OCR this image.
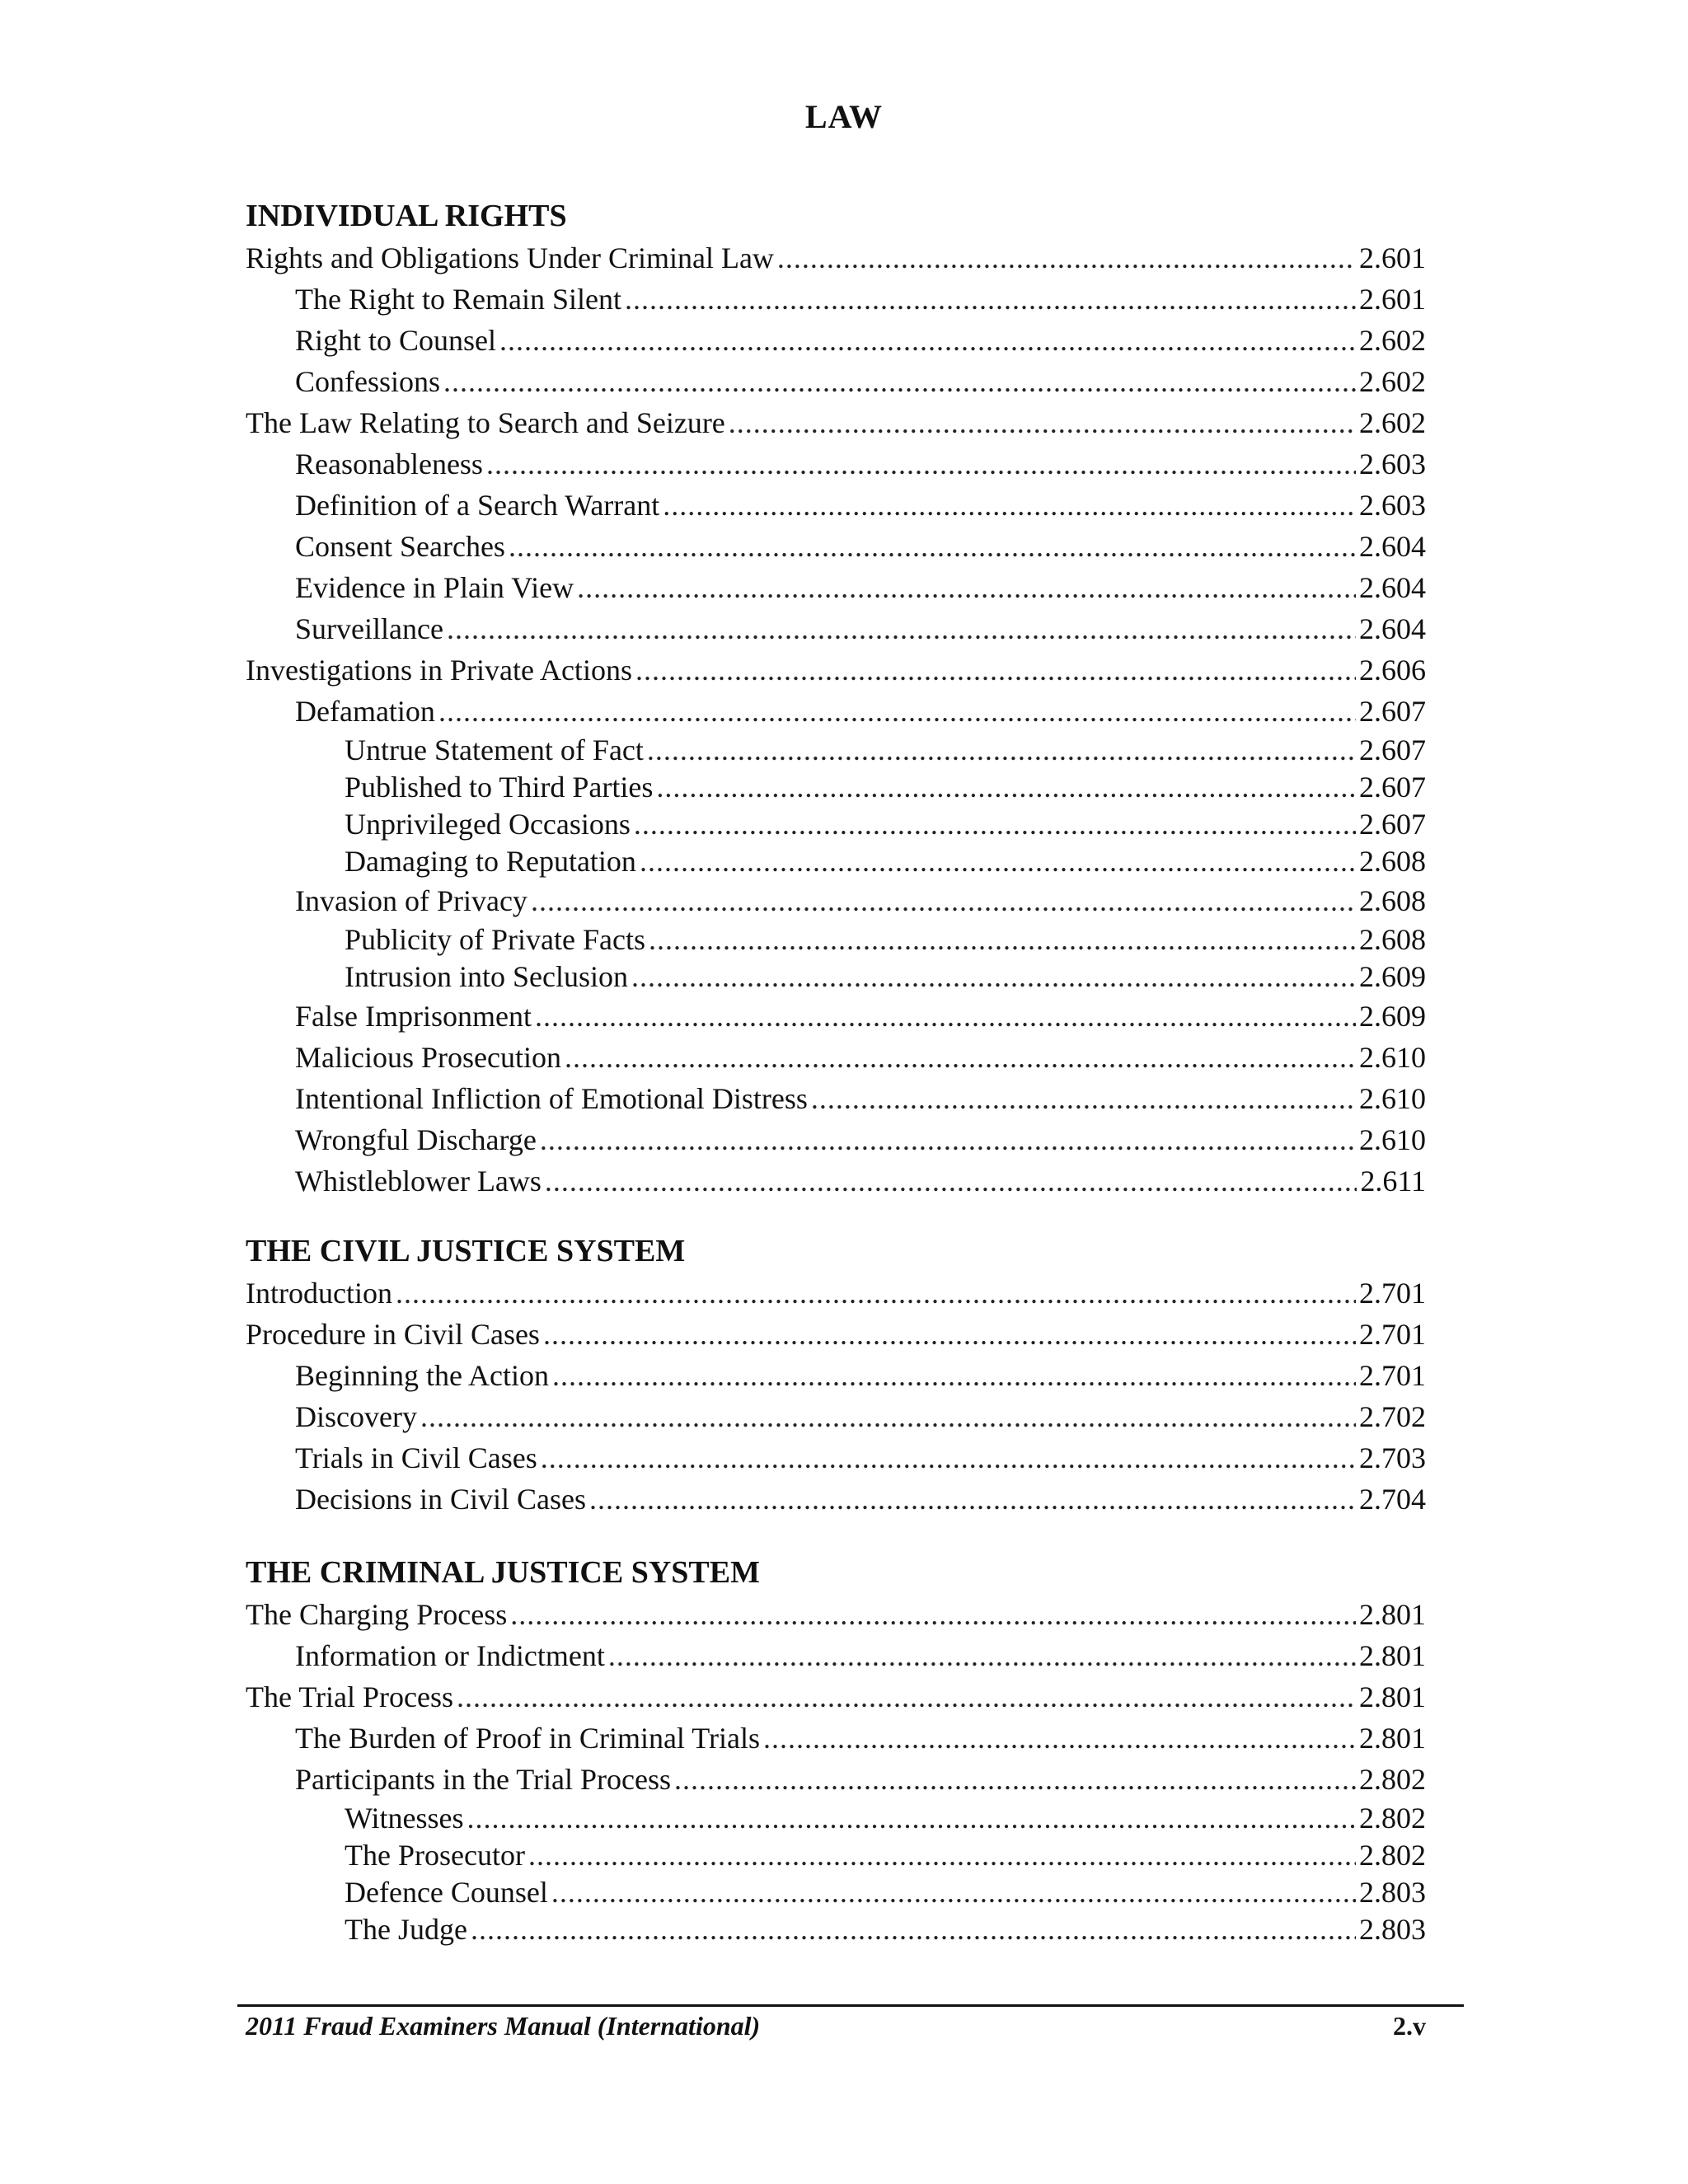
LAW
INDIVIDUAL RIGHTS
Rights and Obligations Under Criminal Law .....	2.601
The Right to Remain Silent .....	2.601
Right to Counsel .....	2.602
Confessions .....	2.602
The Law Relating to Search and Seizure .....	2.602
Reasonableness .....	2.603
Definition of a Search Warrant .....	2.603
Consent Searches .....	2.604
Evidence in Plain View .....	2.604
Surveillance .....	2.604
Investigations in Private Actions .....	2.606
Defamation .....	2.607
Untrue Statement of Fact .....	2.607
Published to Third Parties .....	2.607
Unprivileged Occasions .....	2.607
Damaging to Reputation .....	2.608
Invasion of Privacy .....	2.608
Publicity of Private Facts .....	2.608
Intrusion into Seclusion .....	2.609
False Imprisonment .....	2.609
Malicious Prosecution .....	2.610
Intentional Infliction of Emotional Distress .....	2.610
Wrongful Discharge .....	2.610
Whistleblower Laws .....	2.611
THE CIVIL JUSTICE SYSTEM
Introduction .....	2.701
Procedure in Civil Cases .....	2.701
Beginning the Action .....	2.701
Discovery .....	2.702
Trials in Civil Cases .....	2.703
Decisions in Civil Cases .....	2.704
THE CRIMINAL JUSTICE SYSTEM
The Charging Process .....	2.801
Information or Indictment .....	2.801
The Trial Process .....	2.801
The Burden of Proof in Criminal Trials .....	2.801
Participants in the Trial Process .....	2.802
Witnesses .....	2.802
The Prosecutor .....	2.802
Defence Counsel .....	2.803
The Judge .....	2.803
2011 Fraud Examiners Manual (International)	2.v
